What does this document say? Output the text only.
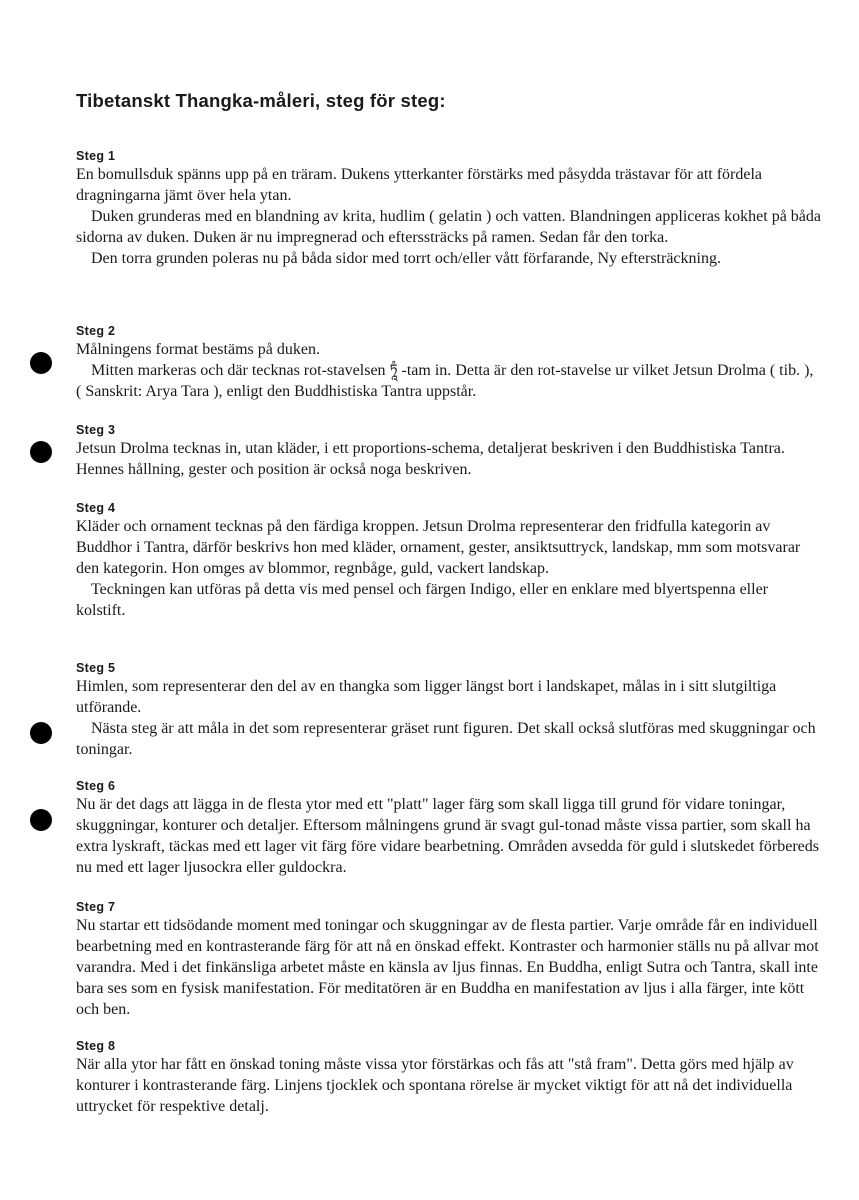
Tibetanskt Thangka-måleri, steg för steg:
Steg 1

En bomullsduk spänns upp på en träram. Dukens ytterkanter förstärks med påsydda trästavar för att fördela dragningarna jämt över hela ytan.

Duken grunderas med en blandning av krita, hudlim ( gelatin ) och vatten. Blandningen appliceras kokhet på båda sidorna av duken. Duken är nu impregnerad och efterssträcks på ramen. Sedan får den torka.

Den torra grunden poleras nu på båda sidor med torrt och/eller vått förfarande, Ny eftersträckning.

Steg 2

Målningens format bestäms på duken.

Mitten markeras och där tecknas rot-stavelsen ཏཱཾ -tam in. Detta är den rot-stavelse ur vilket Jetsun Drolma ( tib. ), ( Sanskrit: Arya Tara ), enligt den Buddhistiska Tantra uppstår.

Steg 3

Jetsun Drolma tecknas in, utan kläder, i ett proportions-schema, detaljerat beskriven i den Buddhistiska Tantra. Hennes hållning, gester och position är också noga beskriven.

Steg 4

Kläder och ornament tecknas på den färdiga kroppen. Jetsun Drolma representerar den fridfulla kategorin av Buddhor i Tantra, därför beskrivs hon med kläder, ornament, gester, ansiktsuttryck, landskap, mm som motsvarar den kategorin. Hon omges av blommor, regnbåge, guld, vackert landskap.

Teckningen kan utföras på detta vis med pensel och färgen Indigo, eller en enklare med blyertspenna eller kolstift.

Steg 5

Himlen, som representerar den del av en thangka som ligger längst bort i landskapet, målas in i sitt slutgiltiga utförande.

Nästa steg är att måla in det som representerar gräset runt figuren. Det skall också slutföras med skuggningar och toningar.

Steg 6

Nu är det dags att lägga in de flesta ytor med ett "platt" lager färg som skall ligga till grund för vidare toningar, skuggningar, konturer och detaljer. Eftersom målningens grund är svagt gul-tonad måste vissa partier, som skall ha extra lyskraft, täckas med ett lager vit färg före vidare bearbetning. Områden avsedda för guld i slutskedet förbereds nu med ett lager ljusockra eller guldockra.

Steg 7

Nu startar ett tidsödande moment med toningar och skuggningar av de flesta partier. Varje område får en individuell bearbetning med en kontrasterande färg för att nå en önskad effekt. Kontraster och harmonier ställs nu på allvar mot varandra. Med i det finkänsliga arbetet måste en känsla av ljus finnas. En Buddha, enligt Sutra och Tantra, skall inte bara ses som en fysisk manifestation. För meditatören är en Buddha en manifestation av ljus i alla färger, inte kött och ben.

Steg 8

När alla ytor har fått en önskad toning måste vissa ytor förstärkas och fås att "stå fram". Detta görs med hjälp av konturer i kontrasterande färg. Linjens tjocklek och spontana rörelse är mycket viktigt för att nå det individuella uttrycket för respektive detalj.
